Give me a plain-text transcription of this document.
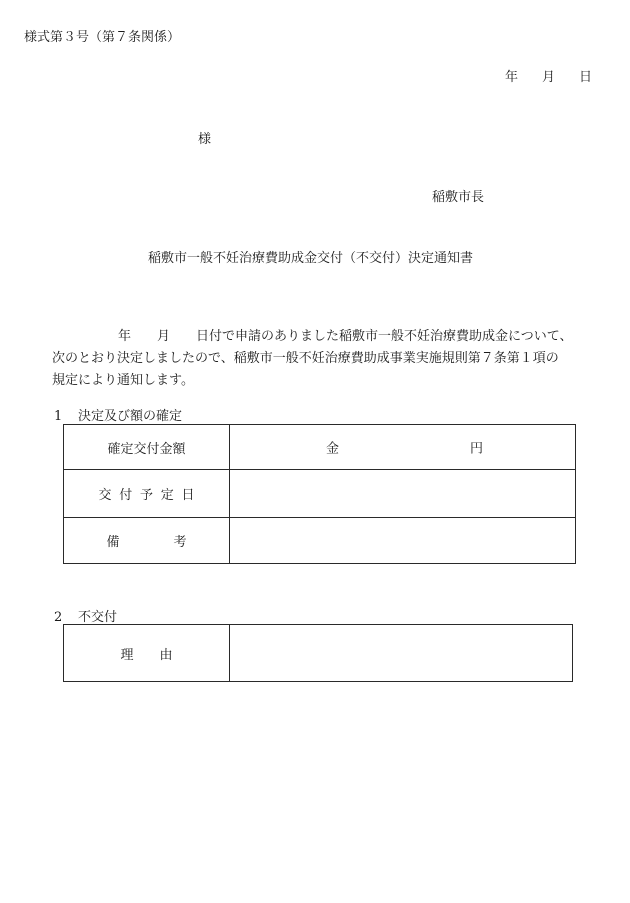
様式第３号（第７条関係）
年 月 日
様
稲敷市長
稲敷市一般不妊治療費助成金交付（不交付）決定通知書
年 月 日付で申請のありました稲敷市一般不妊治療費助成金について、
次のとおり決定しましたので、稲敷市一般不妊治療費助成事業実施規則第７条第１項の
規定により通知します。
1 決定及び額の確定
確定交付金額	金 円

交付予定日	
備考	
2 不交付
理由	
